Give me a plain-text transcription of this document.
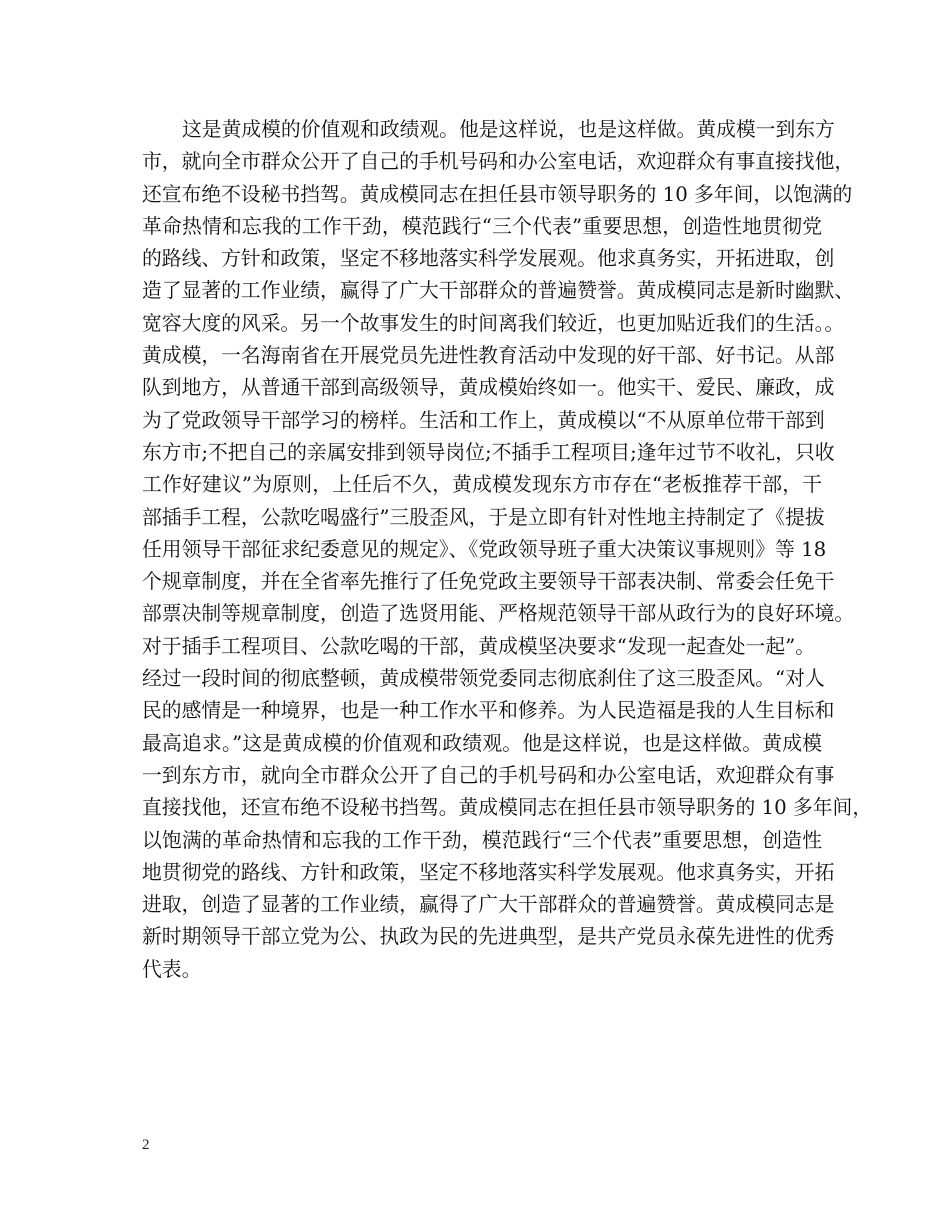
这是黄成模的价值观和政绩观。他是这样说，也是这样做。黄成模一到东方
市，就向全市群众公开了自己的手机号码和办公室电话，欢迎群众有事直接找他，
还宣布绝不设秘书挡驾。黄成模同志在担任县市领导职务的 10 多年间，以饱满的
革命热情和忘我的工作干劲，模范践行“三个代表”重要思想，创造性地贯彻党
的路线、方针和政策，坚定不移地落实科学发展观。他求真务实，开拓进取，创
造了显著的工作业绩，赢得了广大干部群众的普遍赞誉。黄成模同志是新时幽默、
宽容大度的风采。另一个故事发生的时间离我们较近，也更加贴近我们的生活。。
黄成模，一名海南省在开展党员先进性教育活动中发现的好干部、好书记。从部
队到地方，从普通干部到高级领导，黄成模始终如一。他实干、爱民、廉政，成
为了党政领导干部学习的榜样。生活和工作上，黄成模以“不从原单位带干部到
东方市;不把自己的亲属安排到领导岗位;不插手工程项目;逢年过节不收礼，只收
工作好建议”为原则，上任后不久，黄成模发现东方市存在“老板推荐干部，干
部插手工程，公款吃喝盛行”三股歪风，于是立即有针对性地主持制定了《提拔
任用领导干部征求纪委意见的规定》、《党政领导班子重大决策议事规则》等 18
个规章制度，并在全省率先推行了任免党政主要领导干部表决制、常委会任免干
部票决制等规章制度，创造了选贤用能、严格规范领导干部从政行为的良好环境。
对于插手工程项目、公款吃喝的干部，黄成模坚决要求“发现一起查处一起”。
经过一段时间的彻底整顿，黄成模带领党委同志彻底刹住了这三股歪风。“对人
民的感情是一种境界，也是一种工作水平和修养。为人民造福是我的人生目标和
最高追求。”这是黄成模的价值观和政绩观。他是这样说，也是这样做。黄成模
一到东方市，就向全市群众公开了自己的手机号码和办公室电话，欢迎群众有事
直接找他，还宣布绝不设秘书挡驾。黄成模同志在担任县市领导职务的 10 多年间，
以饱满的革命热情和忘我的工作干劲，模范践行“三个代表”重要思想，创造性
地贯彻党的路线、方针和政策，坚定不移地落实科学发展观。他求真务实，开拓
进取，创造了显著的工作业绩，赢得了广大干部群众的普遍赞誉。黄成模同志是
新时期领导干部立党为公、执政为民的先进典型，是共产党员永葆先进性的优秀
代表。
2
